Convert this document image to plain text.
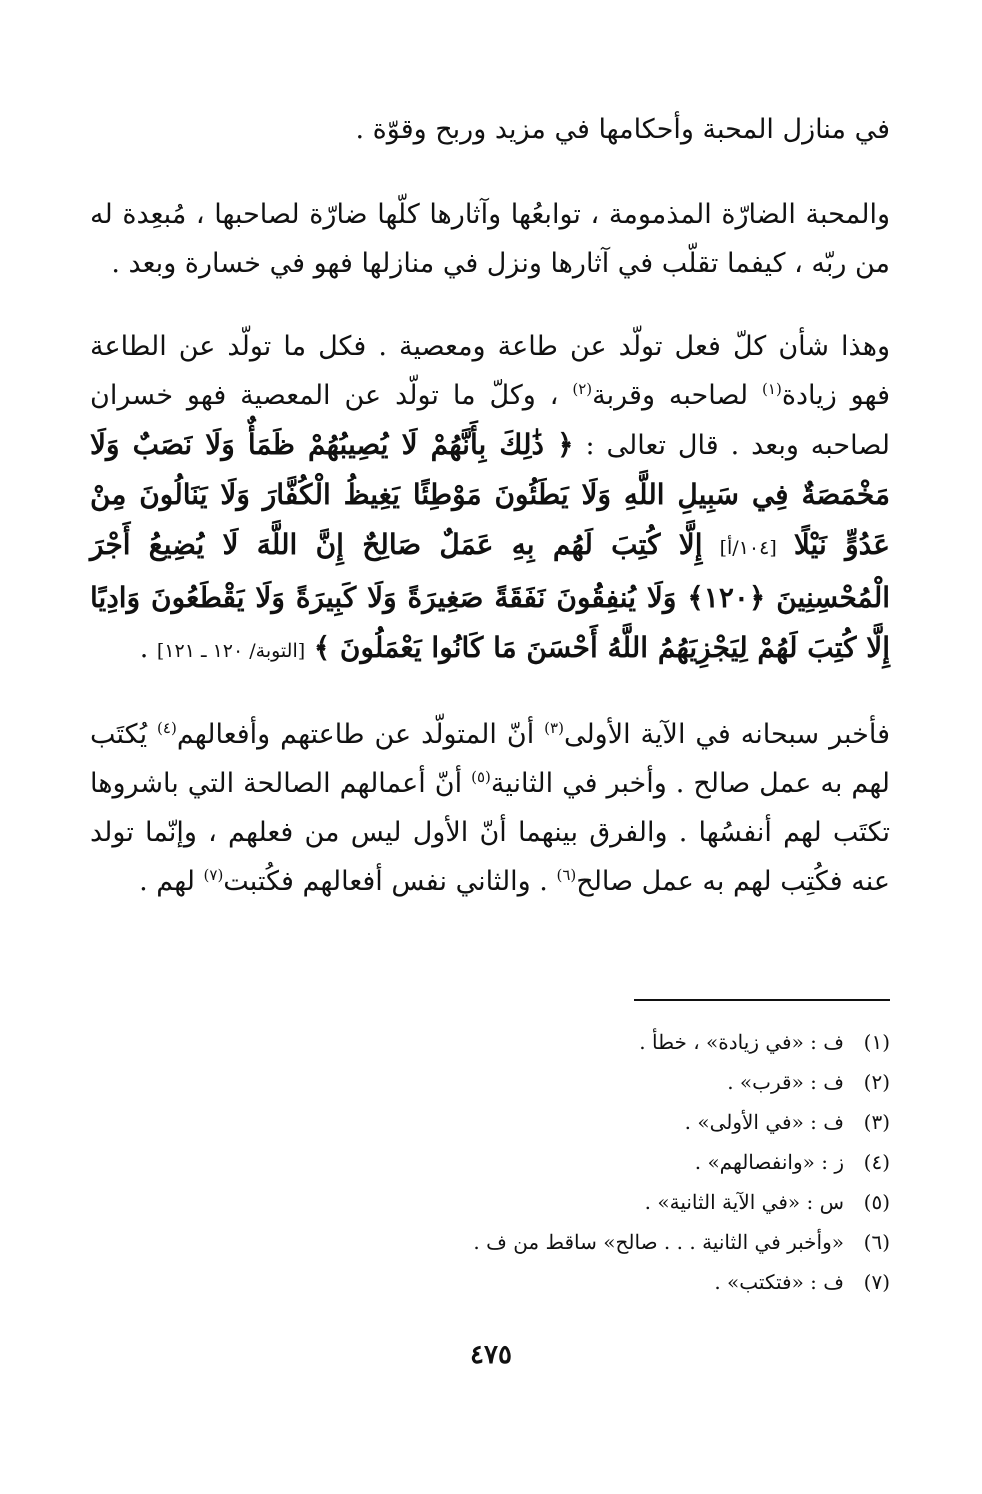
في منازل المحبة وأحكامها في مزيد وربح وقوّة .

والمحبة الضارّة المذمومة ، توابعُها وآثارها كلّها ضارّة لصاحبها ، مُبعِدة له من ربّه ، كيفما تقلّب في آثارها ونزل في منازلها فهو في خسارة وبعد .

وهذا شأن كلّ فعل تولّد عن طاعة ومعصية . فكل ما تولّد عن الطاعة فهو زيادة$^{(١)}$ لصاحبه وقربة$^{(٢)}$ ، وكلّ ما تولّد عن المعصية فهو خسران لصاحبه وبعد . قال تعالى : ﴿ ذَٰلِكَ بِأَنَّهُمْ لَا يُصِيبُهُمْ ظَمَأٌ وَلَا نَصَبٌ وَلَا مَخْمَصَةٌ فِي سَبِيلِ اللَّهِ وَلَا يَطَئُونَ مَوْطِئًا يَغِيظُ الْكُفَّارَ وَلَا يَنَالُونَ مِنْ عَدُوٍّ نَيْلًا [١٠٤/أ] إِلَّا كُتِبَ لَهُم بِهِ عَمَلٌ صَالِحٌ إِنَّ اللَّهَ لَا يُضِيعُ أَجْرَ الْمُحْسِنِينَ ﴿١٢٠﴾ وَلَا يُنفِقُونَ نَفَقَةً صَغِيرَةً وَلَا كَبِيرَةً وَلَا يَقْطَعُونَ وَادِيًا إِلَّا كُتِبَ لَهُمْ لِيَجْزِيَهُمُ اللَّهُ أَحْسَنَ مَا كَانُوا يَعْمَلُونَ ﴾ [التوبة/ ١٢٠ ـ ١٢١] .

فأخبر سبحانه في الآية الأولى$^{(٣)}$ أنّ المتولّد عن طاعتهم وأفعالهم$^{(٤)}$ يُكتَب لهم به عمل صالح . وأخبر في الثانية$^{(٥)}$ أنّ أعمالهم الصالحة التي باشروها تكتَب لهم أنفسُها . والفرق بينهما أنّ الأول ليس من فعلهم ، وإنّما تولد عنه فكُتِب لهم به عمل صالح$^{(٦)}$ . والثاني نفس أفعالهم فكُتبت$^{(٧)}$ لهم .

(١)ف : «في زيادة» ، خطأ .
(٢)ف : «قرب» .
(٣)ف : «في الأولى» .
(٤)ز : «وانفصالهم» .
(٥)س : «في الآية الثانية» .
(٦)«وأخبر في الثانية . . . صالح» ساقط من ف .
(٧)ف : «فتكتب» .
٤٧٥
